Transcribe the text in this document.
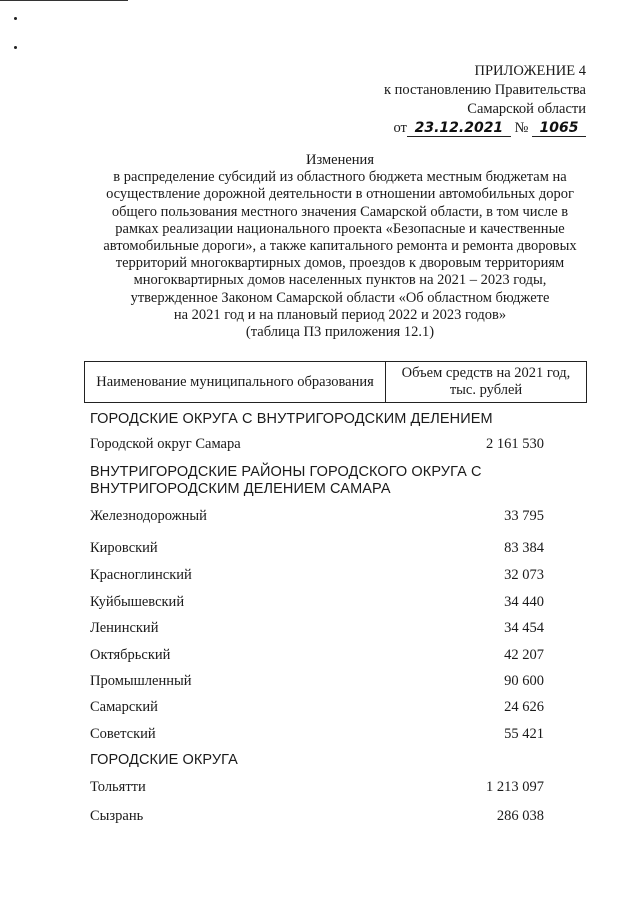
ПРИЛОЖЕНИЕ 4
к постановлению Правительства
Самарской области
от 23.12.2021 № 1065
Изменения
в распределение субсидий из областного бюджета местным бюджетам на
осуществление дорожной деятельности в отношении автомобильных дорог
общего пользования местного значения Самарской области, в том числе в
рамках реализации национального проекта «Безопасные и качественные
автомобильные дороги», а также капитального ремонта и ремонта дворовых
территорий многоквартирных домов, проездов к дворовым территориям
многоквартирных домов населенных пунктов на 2021 – 2023 годы,
утвержденное Законом Самарской области «Об областном бюджете
на 2021 год и на плановый период 2022 и 2023 годов»
(таблица П3 приложения 12.1)
Наименование муниципального образования
Объем средств на 2021 год,
тыс. рублей
ГОРОДСКИЕ ОКРУГА С ВНУТРИГОРОДСКИМ ДЕЛЕНИЕМ
Городской округ Самара	2 161 530
ВНУТРИГОРОДСКИЕ РАЙОНЫ ГОРОДСКОГО ОКРУГА С
ВНУТРИГОРОДСКИМ ДЕЛЕНИЕМ САМАРА
Железнодорожный	33 795
Кировский	83 384
Красноглинский	32 073
Куйбышевский	34 440
Ленинский	34 454
Октябрьский	42 207
Промышленный	90 600
Самарский	24 626
Советский	55 421
ГОРОДСКИЕ ОКРУГА
Тольятти	1 213 097
Сызрань	286 038
